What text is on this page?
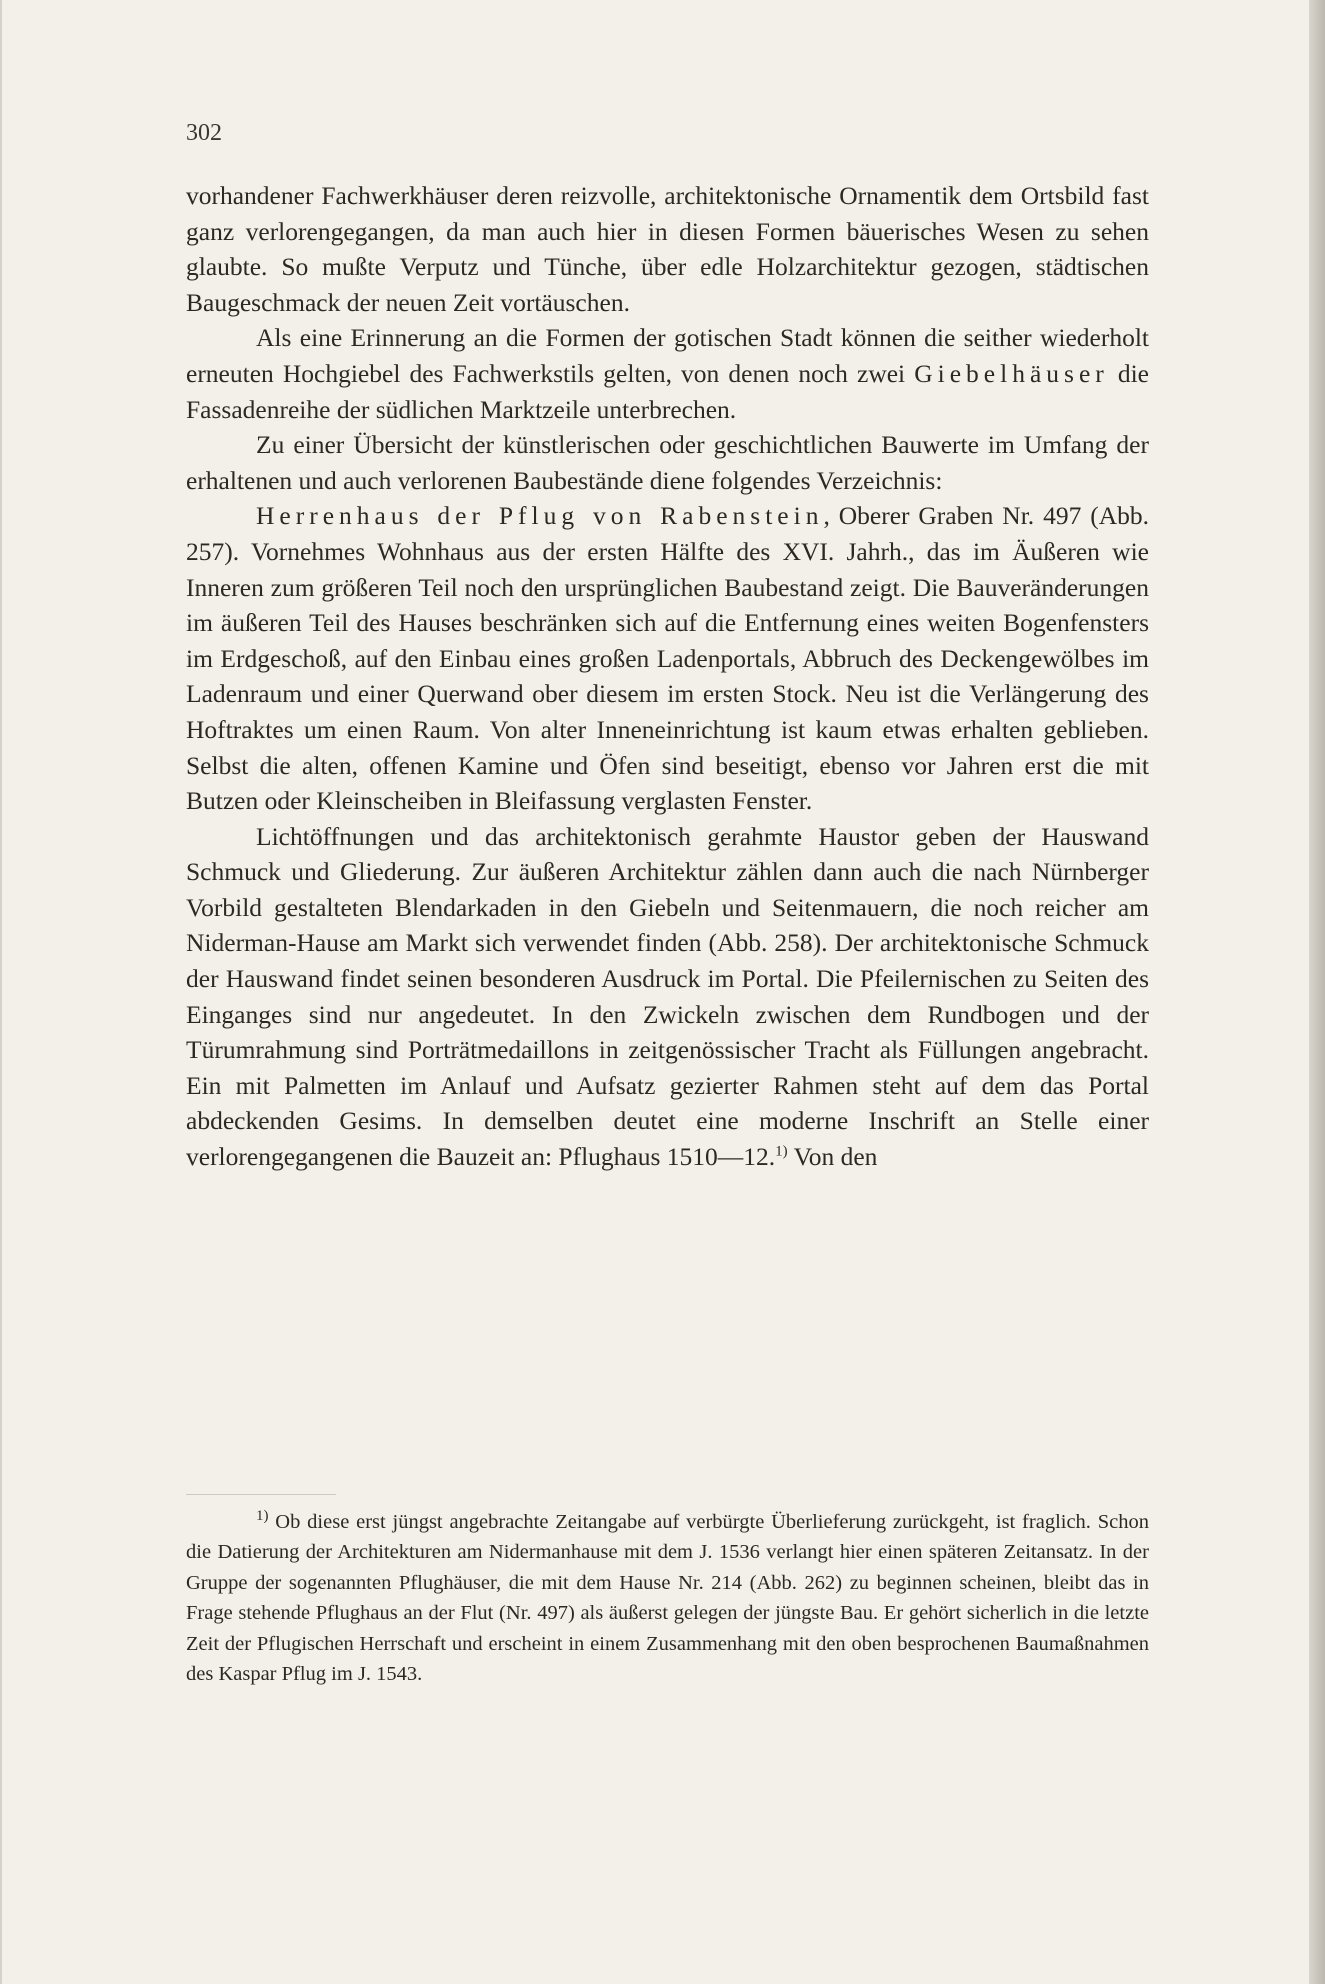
302

vorhandener Fachwerkhäuser deren reizvolle, architektonische Ornamentik dem Ortsbild fast ganz verlorengegangen, da man auch hier in diesen Formen bäuerisches Wesen zu sehen glaubte. So mußte Verputz und Tünche, über edle Holzarchitektur gezogen, städtischen Baugeschmack der neuen Zeit vortäuschen.

Als eine Erinnerung an die Formen der gotischen Stadt können die seither wiederholt erneuten Hochgiebel des Fachwerkstils gelten, von denen noch zwei Giebelhäuser die Fassadenreihe der südlichen Marktzeile unterbrechen.

Zu einer Übersicht der künstlerischen oder geschichtlichen Bauwerte im Umfang der erhaltenen und auch verlorenen Baubestände diene folgendes Verzeichnis:

Herrenhaus der Pflug von Rabenstein, Oberer Graben Nr. 497 (Abb. 257). Vornehmes Wohnhaus aus der ersten Hälfte des XVI. Jahrh., das im Äußeren wie Inneren zum größeren Teil noch den ursprünglichen Baubestand zeigt. Die Bauveränderungen im äußeren Teil des Hauses beschränken sich auf die Entfernung eines weiten Bogenfensters im Erdgeschoß, auf den Einbau eines großen Ladenportals, Abbruch des Deckengewölbes im Ladenraum und einer Querwand ober diesem im ersten Stock. Neu ist die Verlängerung des Hoftraktes um einen Raum. Von alter Inneneinrichtung ist kaum etwas erhalten geblieben. Selbst die alten, offenen Kamine und Öfen sind beseitigt, ebenso vor Jahren erst die mit Butzen oder Kleinscheiben in Bleifassung verglasten Fenster.

Lichtöffnungen und das architektonisch gerahmte Haustor geben der Hauswand Schmuck und Gliederung. Zur äußeren Architektur zählen dann auch die nach Nürnberger Vorbild gestalteten Blendarkaden in den Giebeln und Seitenmauern, die noch reicher am Niderman-Hause am Markt sich verwendet finden (Abb. 258). Der architektonische Schmuck der Hauswand findet seinen besonderen Ausdruck im Portal. Die Pfeilernischen zu Seiten des Einganges sind nur angedeutet. In den Zwickeln zwischen dem Rundbogen und der Türumrahmung sind Porträtmedaillons in zeitgenössischer Tracht als Füllungen angebracht. Ein mit Palmetten im Anlauf und Aufsatz gezierter Rahmen steht auf dem das Portal abdeckenden Gesims. In demselben deutet eine moderne Inschrift an Stelle einer verlorengegangenen die Bauzeit an: Pflughaus 1510—12.$^{1)}$ Von den

$^{1)}$ Ob diese erst jüngst angebrachte Zeitangabe auf verbürgte Überlieferung zurückgeht, ist fraglich. Schon die Datierung der Architekturen am Nidermanhause mit dem J. 1536 verlangt hier einen späteren Zeitansatz. In der Gruppe der sogenannten Pflughäuser, die mit dem Hause Nr. 214 (Abb. 262) zu beginnen scheinen, bleibt das in Frage stehende Pflughaus an der Flut (Nr. 497) als äußerst gelegen der jüngste Bau. Er gehört sicherlich in die letzte Zeit der Pflugischen Herrschaft und erscheint in einem Zusammenhang mit den oben besprochenen Baumaßnahmen des Kaspar Pflug im J. 1543.
